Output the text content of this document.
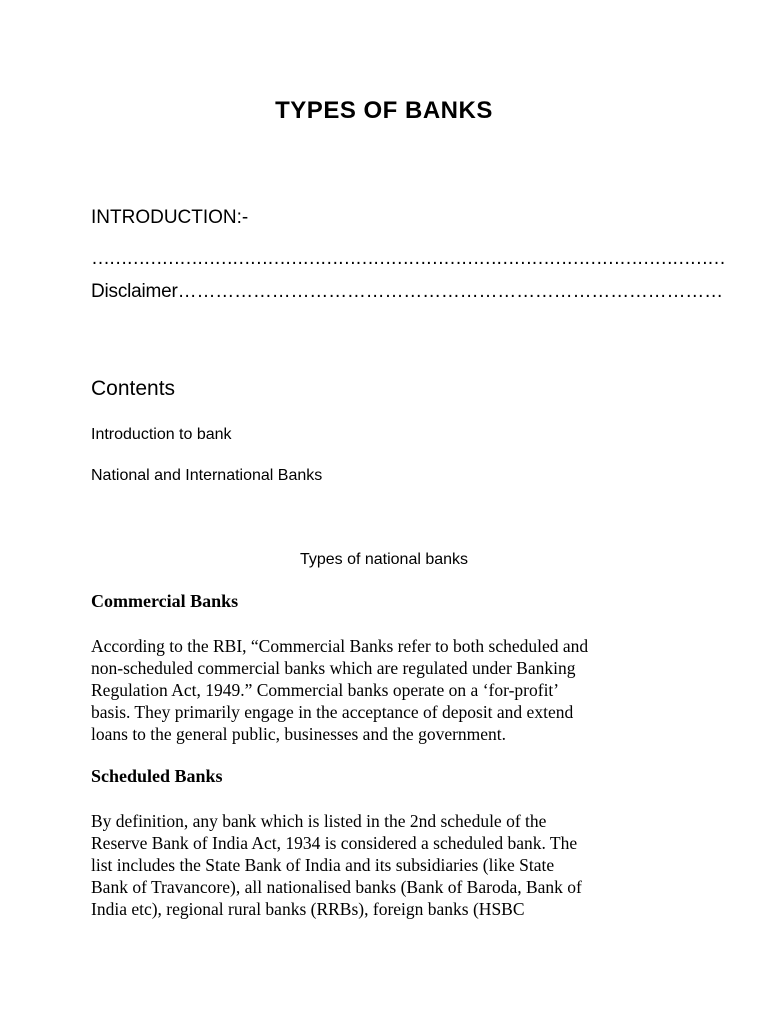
TYPES OF BANKS
INTRODUCTION:-
………………………………………………………………………………………………
Disclaimer……………………………………………………………………………
Contents
Introduction to bank
National and International Banks
Types of national banks
Commercial Banks
According to the RBI, “Commercial Banks refer to both scheduled and
non-scheduled commercial banks which are regulated under Banking
Regulation Act, 1949.” Commercial banks operate on a ‘for-profit’
basis. They primarily engage in the acceptance of deposit and extend
loans to the general public, businesses and the government.
Scheduled Banks
By definition, any bank which is listed in the 2nd schedule of the
Reserve Bank of India Act, 1934 is considered a scheduled bank. The
list includes the State Bank of India and its subsidiaries (like State
Bank of Travancore), all nationalised banks (Bank of Baroda, Bank of
India etc), regional rural banks (RRBs), foreign banks (HSBC
